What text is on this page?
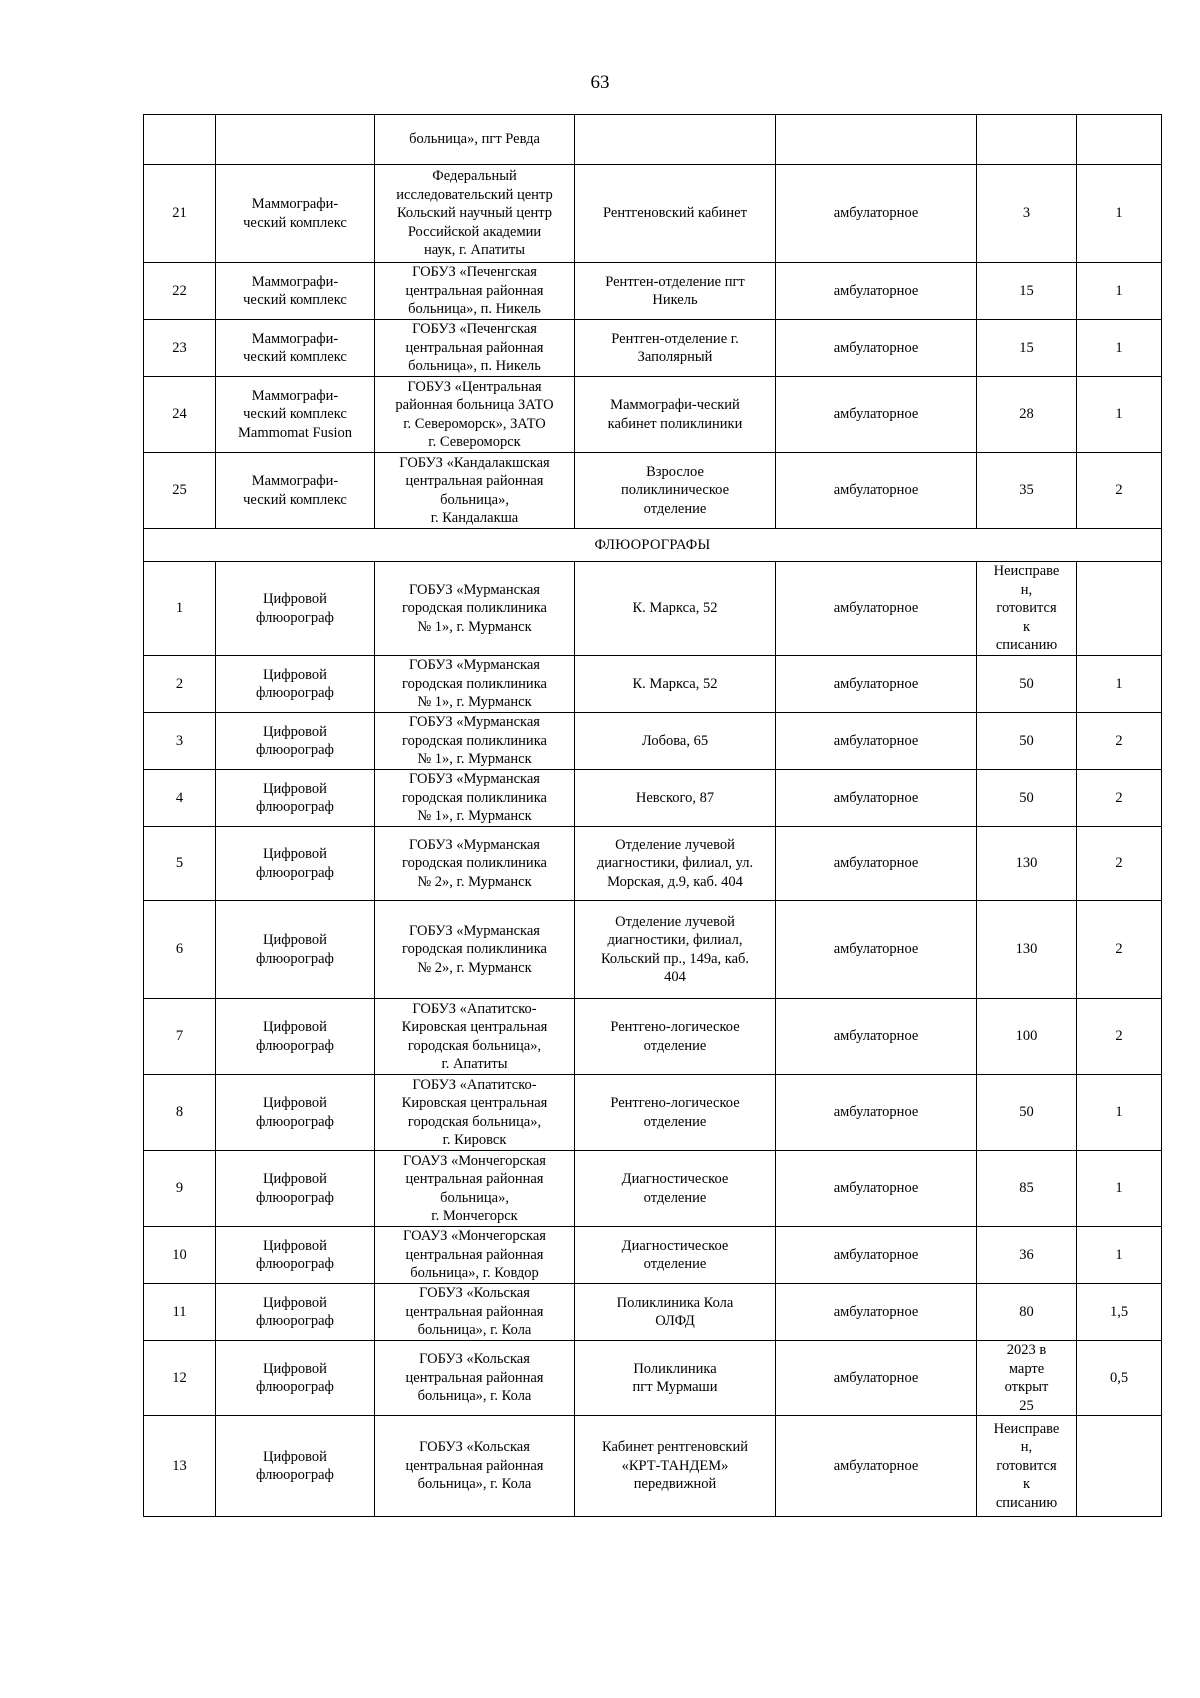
63
		больница», пгт Ревда				
21	Маммографи-
ческий комплекс	Федеральный
исследовательский центр
Кольский научный центр
Российской академии
наук, г. Апатиты	Рентгеновский кабинет	амбулаторное	3	1
22	Маммографи-
ческий комплекс	ГОБУЗ «Печенгская
центральная районная
больница», п. Никель	Рентген-отделение пгт
Никель	амбулаторное	15	1
23	Маммографи-
ческий комплекс	ГОБУЗ «Печенгская
центральная районная
больница», п. Никель	Рентген-отделение г.
Заполярный	амбулаторное	15	1
24	Маммографи-
ческий комплекс
Mammomat Fusion	ГОБУЗ «Центральная
районная больница ЗАТО
г. Североморск», ЗАТО
г. Североморск	Маммографи-ческий
кабинет поликлиники	амбулаторное	28	1
25	Маммографи-
ческий комплекс	ГОБУЗ «Кандалакшская
центральная районная
больница»,
г. Кандалакша	Взрослое
поликлиническое
отделение	амбулаторное	35	2
ФЛЮОРОГРАФЫ						
1	Цифровой
флюорограф	ГОБУЗ «Мурманская
городская поликлиника
№ 1», г. Мурманск	К. Маркса, 52	амбулаторное	Неисправе
н,
готовится
к
списанию	
2	Цифровой
флюорограф	ГОБУЗ «Мурманская
городская поликлиника
№ 1», г. Мурманск	К. Маркса, 52	амбулаторное	50	1
3	Цифровой
флюорограф	ГОБУЗ «Мурманская
городская поликлиника
№ 1», г. Мурманск	Лобова, 65	амбулаторное	50	2
4	Цифровой
флюорограф	ГОБУЗ «Мурманская
городская поликлиника
№ 1», г. Мурманск	Невского, 87	амбулаторное	50	2
5	Цифровой
флюорограф	ГОБУЗ «Мурманская
городская поликлиника
№ 2», г. Мурманск	Отделение лучевой
диагностики, филиал, ул.
Морская, д.9, каб. 404	амбулаторное	130	2
6	Цифровой
флюорограф	ГОБУЗ «Мурманская
городская поликлиника
№ 2», г. Мурманск	Отделение лучевой
диагностики, филиал,
Кольский пр., 149а, каб.
404	амбулаторное	130	2
7	Цифровой
флюорограф	ГОБУЗ «Апатитско-
Кировская центральная
городская больница»,
г. Апатиты	Рентгено-логическое
отделение	амбулаторное	100	2
8	Цифровой
флюорограф	ГОБУЗ «Апатитско-
Кировская центральная
городская больница»,
г. Кировск	Рентгено-логическое
отделение	амбулаторное	50	1
9	Цифровой
флюорограф	ГОАУЗ «Мончегорская
центральная районная
больница»,
г. Мончегорск	Диагностическое
отделение	амбулаторное	85	1
10	Цифровой
флюорограф	ГОАУЗ «Мончегорская
центральная районная
больница», г. Ковдор	Диагностическое
отделение	амбулаторное	36	1
11	Цифровой
флюорограф	ГОБУЗ «Кольская
центральная районная
больница», г. Кола	Поликлиника Кола
ОЛФД	амбулаторное	80	1,5
12	Цифровой
флюорограф	ГОБУЗ «Кольская
центральная районная
больница», г. Кола	Поликлиника
пгт Мурмаши	амбулаторное	2023 в
марте
открыт
25	0,5
13	Цифровой
флюорограф	ГОБУЗ «Кольская
центральная районная
больница», г. Кола	Кабинет рентгеновский
«КРТ-ТАНДЕМ»
передвижной	амбулаторное	Неисправе
н,
готовится
к
списанию	
